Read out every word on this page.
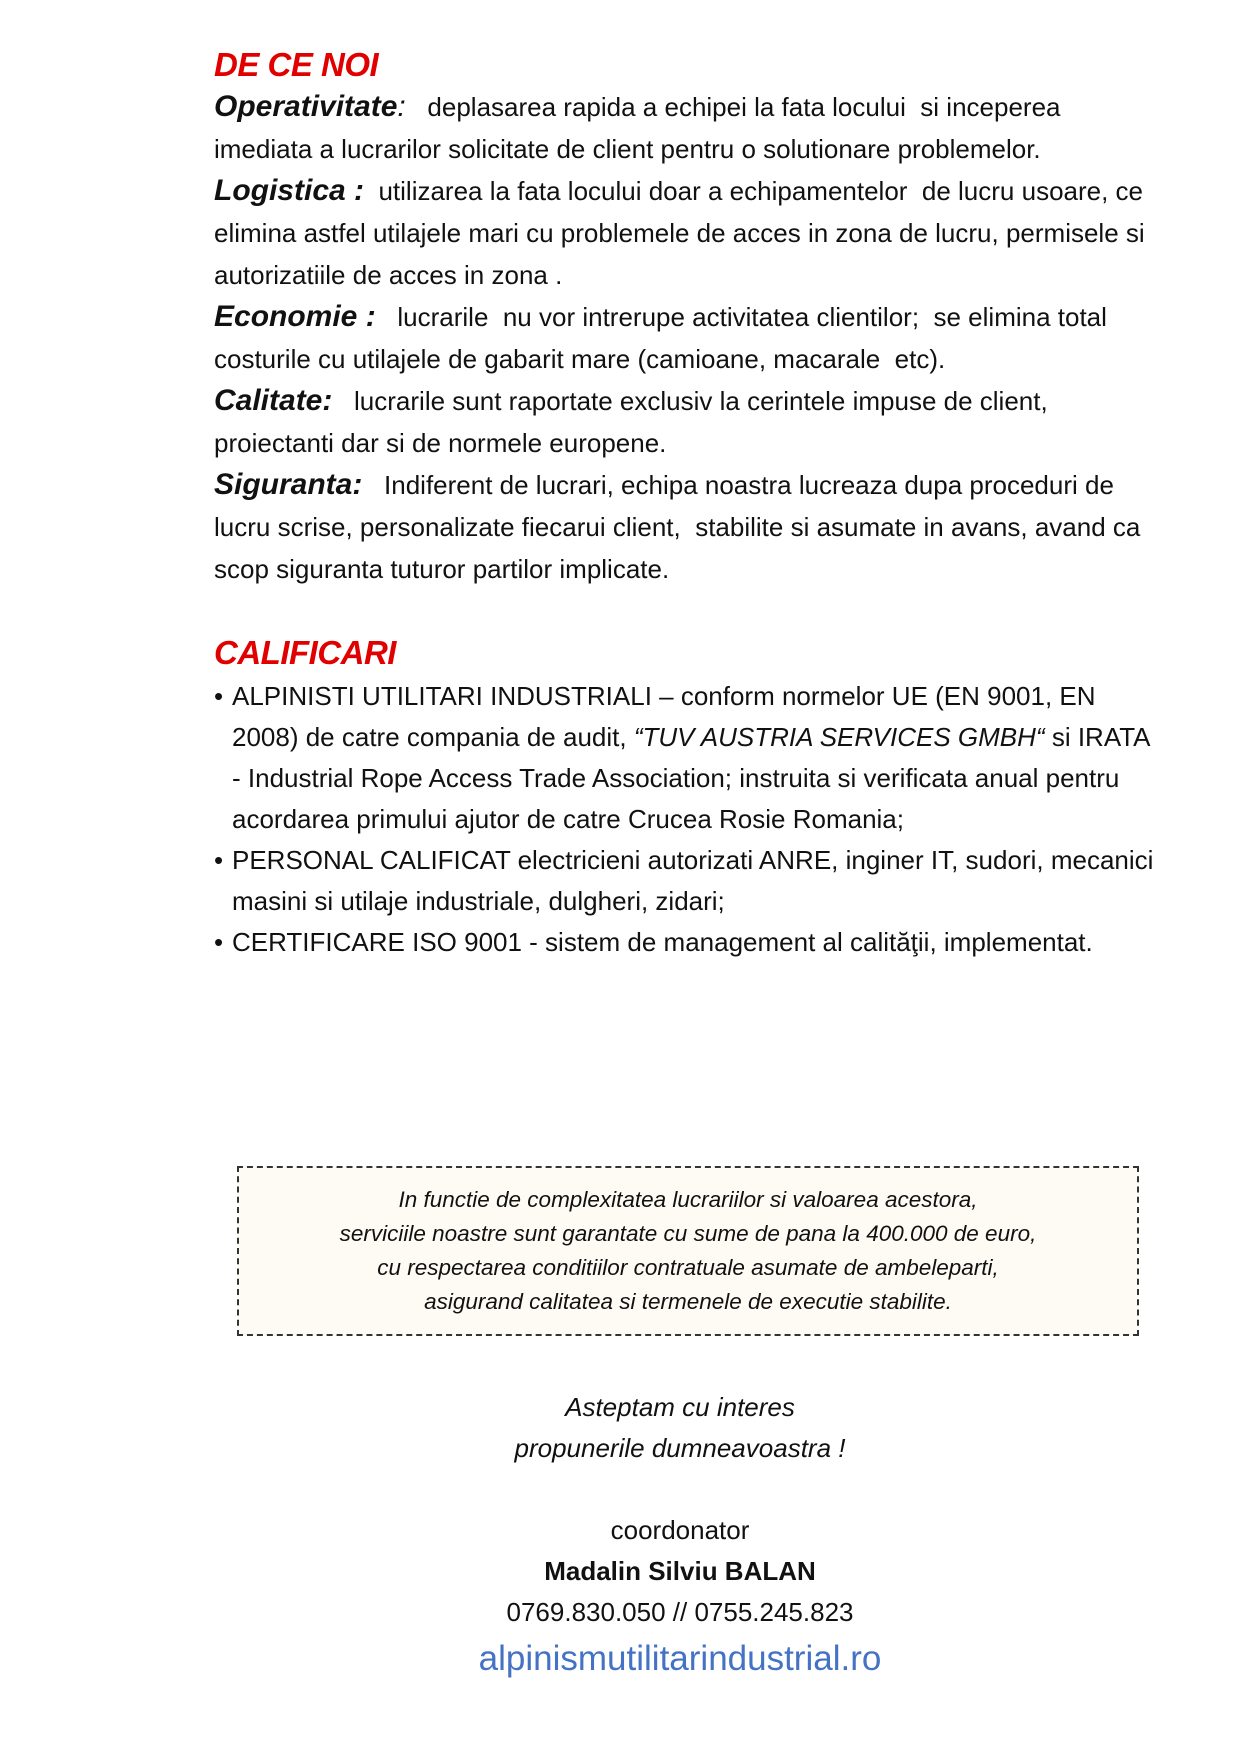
DE CE NOI

Operativitate:   deplasarea rapida a echipei la fata locului  si inceperea imediata a lucrarilor solicitate de client pentru o solutionare problemelor.

Logistica :  utilizarea la fata locului doar a echipamentelor  de lucru usoare, ce elimina astfel utilajele mari cu problemele de acces in zona de lucru, permisele si autorizatiile de acces in zona .

Economie :   lucrarile  nu vor intrerupe activitatea clientilor;  se elimina total costurile cu utilajele de gabarit mare (camioane, macarale  etc).

Calitate:   lucrarile sunt raportate exclusiv la cerintele impuse de client, proiectanti dar si de normele europene.

Siguranta:   Indiferent de lucrari, echipa noastra lucreaza dupa proceduri de lucru scrise, personalizate fiecarui client,  stabilite si asumate in avans, avand ca scop siguranta tuturor partilor implicate.

CALIFICARI
• ALPINISTI UTILITARI INDUSTRIALI – conform normelor UE (EN 9001, EN 2008) de catre compania de audit, “TUV AUSTRIA SERVICES GMBH“ si IRATA - Industrial Rope Access Trade Association; instruita si verificata anual pentru acordarea primului ajutor de catre Crucea Rosie Romania;
• PERSONAL CALIFICAT electricieni autorizati ANRE, inginer IT, sudori, mecanici masini si utilaje industriale, dulgheri, zidari;
• CERTIFICARE ISO 9001 - sistem de management al calităţii, implementat.

In functie de complexitatea lucrariilor si valoarea acestora,

serviciile noastre sunt garantate cu sume de pana la 400.000 de euro,

cu respectarea conditiilor contratuale asumate de ambeleparti,

asigurand calitatea si termenele de executie stabilite.

Asteptam cu interes

propunerile dumneavoastra !

coordonator

Madalin Silviu BALAN

0769.830.050 // 0755.245.823

alpinismutilitarindustrial.ro
